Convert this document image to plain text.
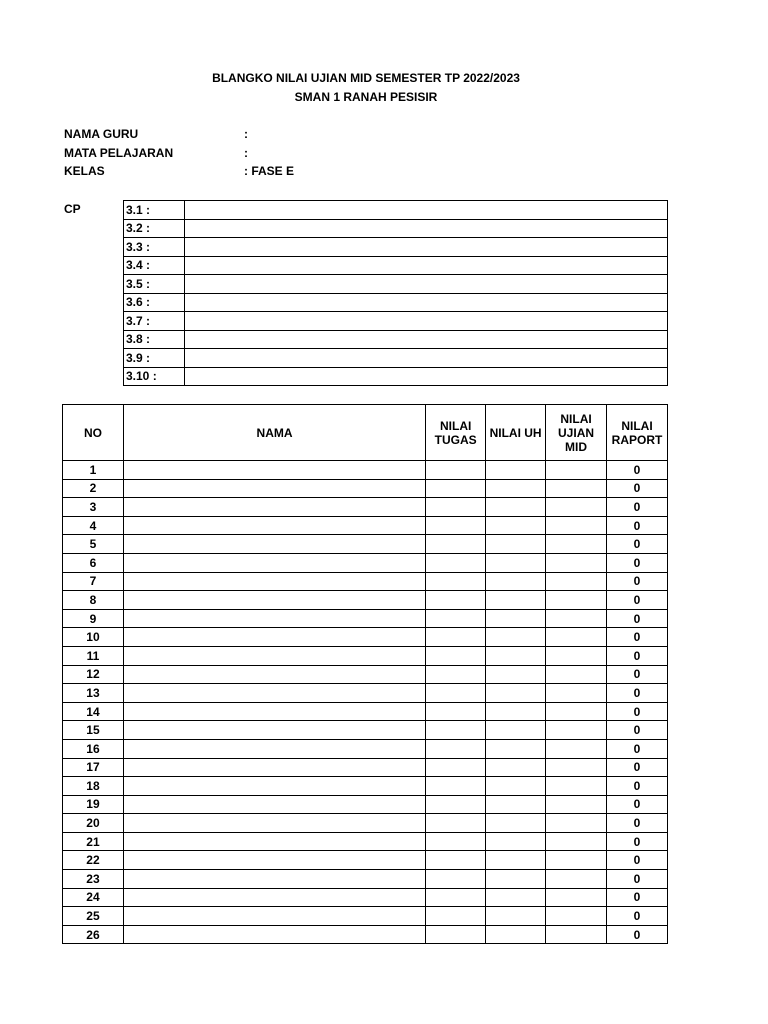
BLANGKO NILAI UJIAN MID SEMESTER TP 2022/2023
SMAN 1 RANAH PESISIR
NAMA GURU	:
MATA PELAJARAN	:
KELAS	: FASE E
CP	3.1 :	
3.2 :	
3.3 :	
3.4 :	
3.5 :	
3.6 :	
3.7 :	
3.8 :	
3.9 :	
3.10 :	
NO	NAMA	NILAI TUGAS	NILAI UH	NILAI UJIAN MID	NILAI RAPORT
1					0
2					0
3					0
4					0
5					0
6					0
7					0
8					0
9					0
10					0
11					0
12					0
13					0
14					0
15					0
16					0
17					0
18					0
19					0
20					0
21					0
22					0
23					0
24					0
25					0
26					0
